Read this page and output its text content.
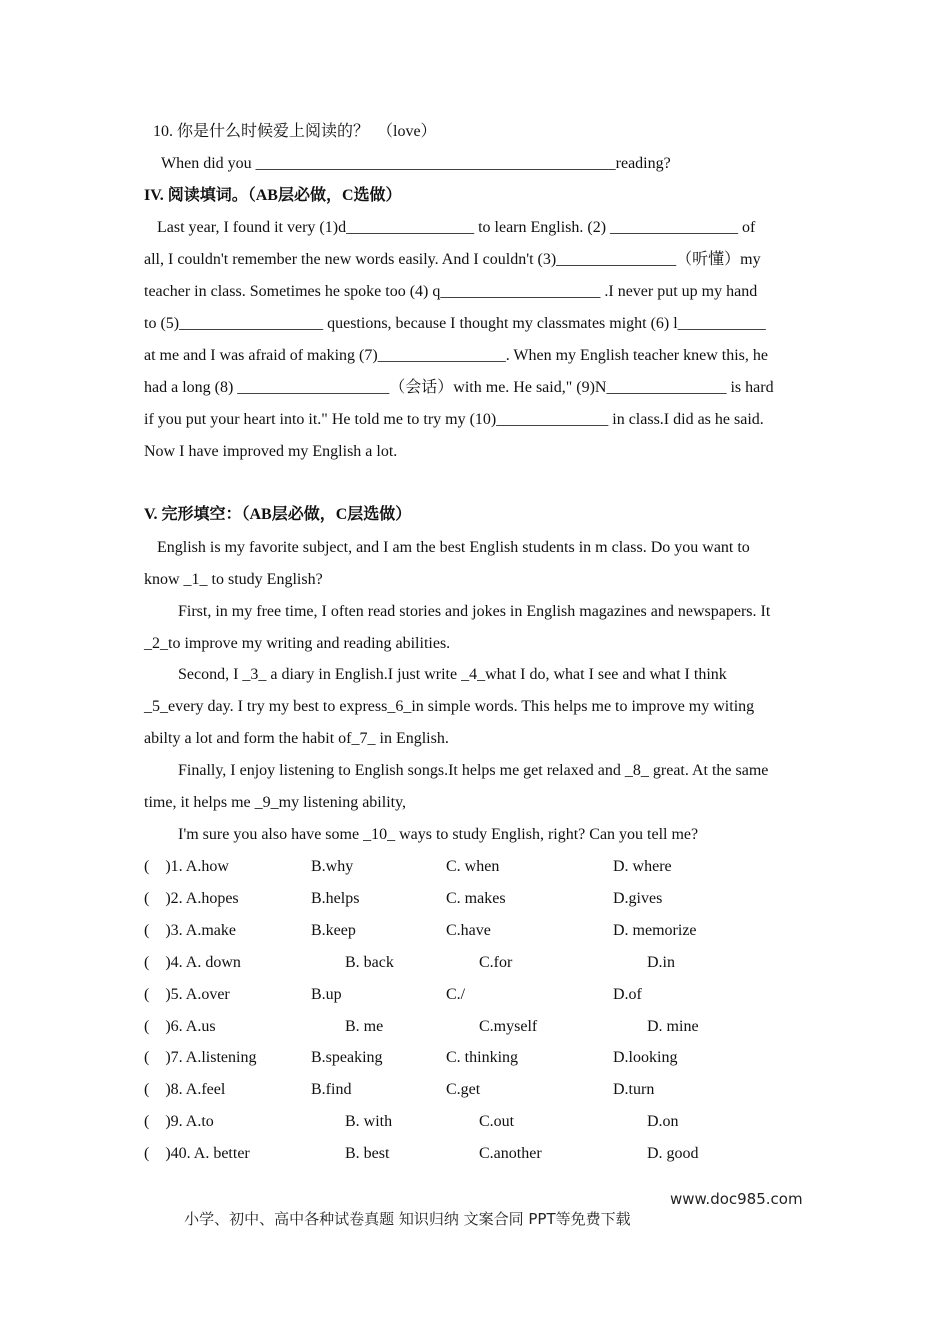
10. 你是什么时候爱上阅读的？　（love）
When did you _____________________________________________reading?
IV. 阅读填词。（AB层必做，C选做）
Last year, I found it very (1)d________________ to learn English. (2) ________________ of
all, I couldn't remember the new words easily. And I couldn't (3)_______________（听懂）my
teacher in class. Sometimes he spoke too (4) q____________________ .I never put up my hand
to (5)__________________ questions, because I thought my classmates might (6) l___________
at me and I was afraid of making (7)________________. When my English teacher knew this, he
had a long (8) ___________________（会话）with me. He said," (9)N_______________ is hard
if you put your heart into it." He told me to try my (10)______________ in class.I did as he said.
Now I have improved my English a lot.
V. 完形填空：（AB层必做，C层选做）
English is my favorite subject, and I am the best English students in m class. Do you want to
know _1_ to study English?
First, in my free time, I often read stories and jokes in English magazines and newspapers. It
_2_to improve my writing and reading abilities.
Second, I _3_ a diary in English.I just write _4_what I do, what I see and what I think
_5_every day. I try my best to express_6_in simple words. This helps me to improve my witing
abilty a lot and form the habit of_7_ in English.
Finally, I enjoy listening to English songs.It helps me get relaxed and _8_ great. At the same
time, it helps me _9_my listening ability,
I'm sure you also have some _10_ ways to study English, right? Can you tell me?
(　)1. A.how	B.why	C. when	D. where
(　)2. A.hopes	B.helps	C. makes	D.gives
(　)3. A.make	B.keep	C.have	D. memorize
(　)4. A. down	B. back	C.for	D.in
(　)5. A.over	B.up	C./	D.of
(　)6. A.us	B. me	C.myself	D. mine
(　)7. A.listening	B.speaking	C. thinking	D.looking
(　)8. A.feel	B.find	C.get	D.turn
(　)9. A.to	B. with	C.out	D.on
(　)40. A. better	B. best	C.another	D. good

小学、初中、高中各种试卷真题 知识归纳 文案合同 PPT等免费下载

www.doc985.com
